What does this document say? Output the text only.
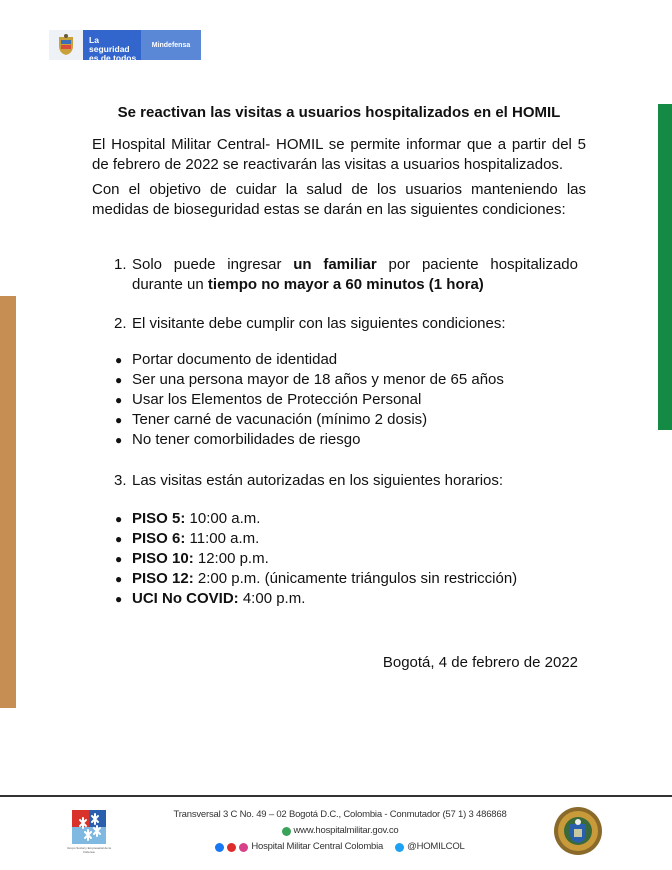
La seguridad
es de todos
Mindefensa
Se reactivan las visitas a usuarios hospitalizados en el HOMIL
El Hospital Militar Central- HOMIL se permite informar que a partir del 5 de febrero de 2022 se reactivarán las visitas a usuarios hospitalizados.
Con el objetivo de cuidar la salud de los usuarios manteniendo las medidas de bioseguridad estas se darán en las siguientes condiciones:
1. Solo puede ingresar un familiar por paciente hospitalizado durante un tiempo no mayor a 60 minutos (1 hora)
2. El visitante debe cumplir con las siguientes condiciones:
● Portar documento de identidad
● Ser una persona mayor de 18 años y menor de 65 años
● Usar los Elementos de Protección Personal
● Tener carné de vacunación (mínimo 2 dosis)
● No tener comorbilidades de riesgo
3. Las visitas están autorizadas en los siguientes horarios:
● PISO 5: 10:00 a.m.
● PISO 6: 11:00 a.m.
● PISO 10: 12:00 p.m.
● PISO 12: 2:00 p.m. (únicamente triángulos sin restricción)
● UCI No COVID: 4:00 p.m.
Bogotá, 4 de febrero de 2022
Grupo Social y Empresarial de la Defensa
Transversal 3 C No. 49 – 02 Bogotá D.C., Colombia - Conmutador (57 1) 3 486868
www.hospitalmilitar.gov.co
Hospital Militar Central Colombia	@HOMILCOL
